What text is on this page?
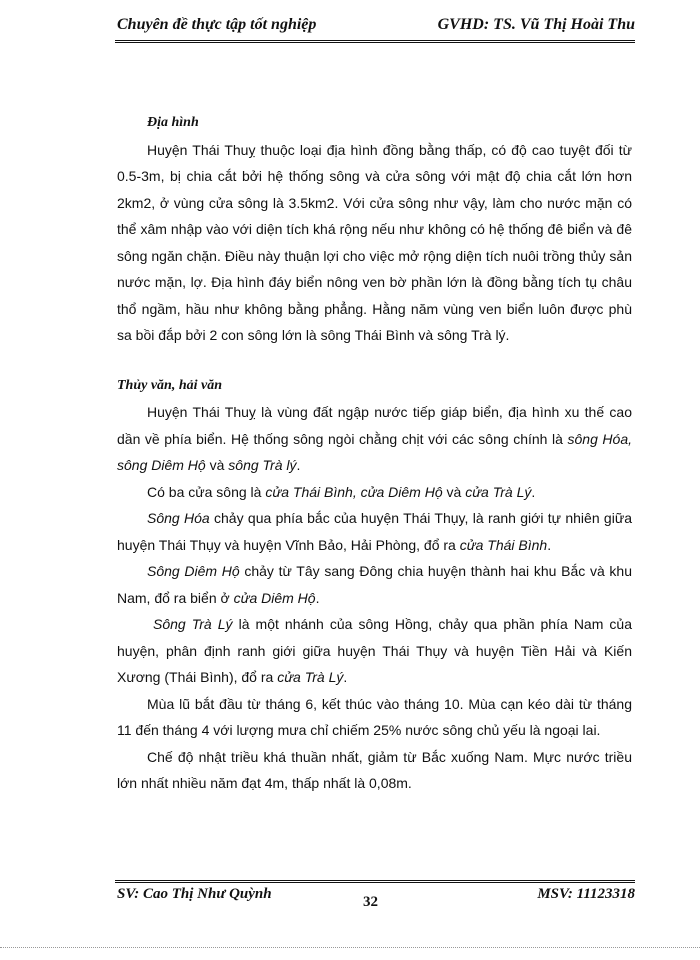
Chuyên đề thực tập tốt nghiệp	GVHD: TS. Vũ Thị Hoài Thu

Địa hình

Huyện Thái Thuỵ thuộc loại địa hình đồng bằng thấp, có độ cao tuyệt đối từ 0.5-3m, bị chia cắt bởi hệ thống sông và cửa sông với mật độ chia cắt lớn hơn 2km2, ở vùng cửa sông là 3.5km2. Với cửa sông như vậy, làm cho nước mặn có thể xâm nhập vào với diện tích khá rộng nếu như không có hệ thống đê biển và đê sông ngăn chặn. Điều này thuận lợi cho việc mở rộng diện tích nuôi trồng thủy sản nước mặn, lợ. Địa hình đáy biển nông ven bờ phần lớn là đồng bằng tích tụ châu thổ ngầm, hầu như không bằng phẳng. Hằng năm vùng ven biển luôn được phù sa bồi đắp bởi 2 con sông lớn là sông Thái Bình và sông Trà lý.

Thủy văn, hải văn

Huyện Thái Thuỵ là vùng đất ngập nước tiếp giáp biển, địa hình xu thế cao dần về phía biển. Hệ thống sông ngòi chằng chịt với các sông chính là sông Hóa, sông Diêm Hộ và sông Trà lý.

Có ba cửa sông là cửa Thái Bình, cửa Diêm Hộ và cửa Trà Lý.

Sông Hóa chảy qua phía bắc của huyện Thái Thụy, là ranh giới tự nhiên giữa huyện Thái Thụy và huyện Vĩnh Bảo, Hải Phòng, đổ ra cửa Thái Bình.

Sông Diêm Hộ chảy từ Tây sang Đông chia huyện thành hai khu Bắc và khu Nam, đổ ra biển ở cửa Diêm Hộ.

Sông Trà Lý là một nhánh của sông Hồng, chảy qua phần phía Nam của huyện, phân định ranh giới giữa huyện Thái Thụy và huyện Tiền Hải và Kiến Xương (Thái Bình), đổ ra cửa Trà Lý.

Mùa lũ bắt đầu từ tháng 6, kết thúc vào tháng 10. Mùa cạn kéo dài từ tháng 11 đến tháng 4 với lượng mưa chỉ chiếm 25% nước sông chủ yếu là ngoại lai.

Chế độ nhật triều khá thuần nhất, giảm từ Bắc xuống Nam. Mực nước triều lớn nhất nhiều năm đạt 4m, thấp nhất là 0,08m.

SV: Cao Thị Như Quỳnh	32	MSV: 11123318
